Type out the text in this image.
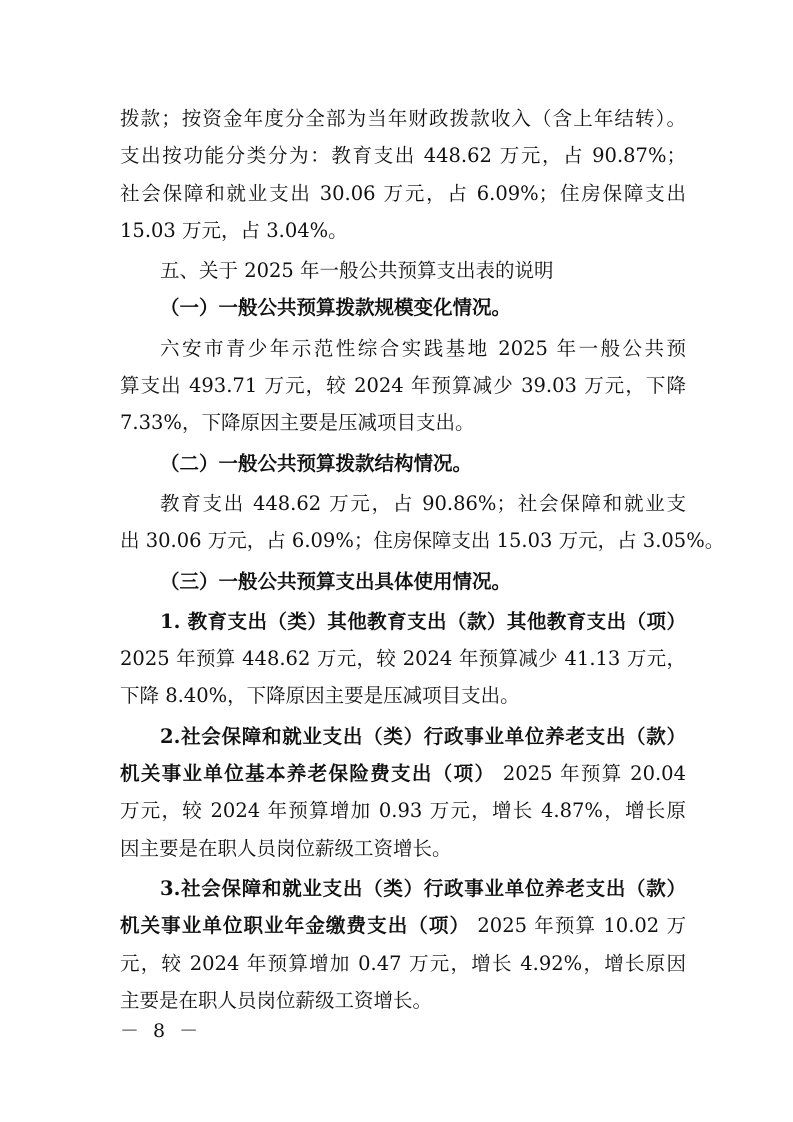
拨款；按资金年度分全部为当年财政拨款收入（含上年结转）。
支出按功能分类分为：教育支出 448.62 万元，占 90.87%；
社会保障和就业支出 30.06 万元，占 6.09%；住房保障支出
15.03 万元，占 3.04%。
五、关于 2025 年一般公共预算支出表的说明
（一）一般公共预算拨款规模变化情况。
六安市青少年示范性综合实践基地 2025 年一般公共预
算支出 493.71 万元，较 2024 年预算减少 39.03 万元，下降
7.33%，下降原因主要是压减项目支出。
（二）一般公共预算拨款结构情况。
教育支出 448.62 万元，占 90.86%；社会保障和就业支
出 30.06 万元，占 6.09%；住房保障支出 15.03 万元，占 3.05%。
（三）一般公共预算支出具体使用情况。
1. 教育支出（类）其他教育支出（款）其他教育支出（项）
2025 年预算 448.62 万元，较 2024 年预算减少 41.13 万元，
下降 8.40%，下降原因主要是压减项目支出。
2.社会保障和就业支出（类）行政事业单位养老支出（款）
机关事业单位基本养老保险费支出（项） 2025 年预算 20.04
万元，较 2024 年预算增加 0.93 万元，增长 4.87%，增长原
因主要是在职人员岗位薪级工资增长。
3.社会保障和就业支出（类）行政事业单位养老支出（款）
机关事业单位职业年金缴费支出（项） 2025 年预算 10.02 万
元，较 2024 年预算增加 0.47 万元，增长 4.92%，增长原因
主要是在职人员岗位薪级工资增长。
－ 8 －
